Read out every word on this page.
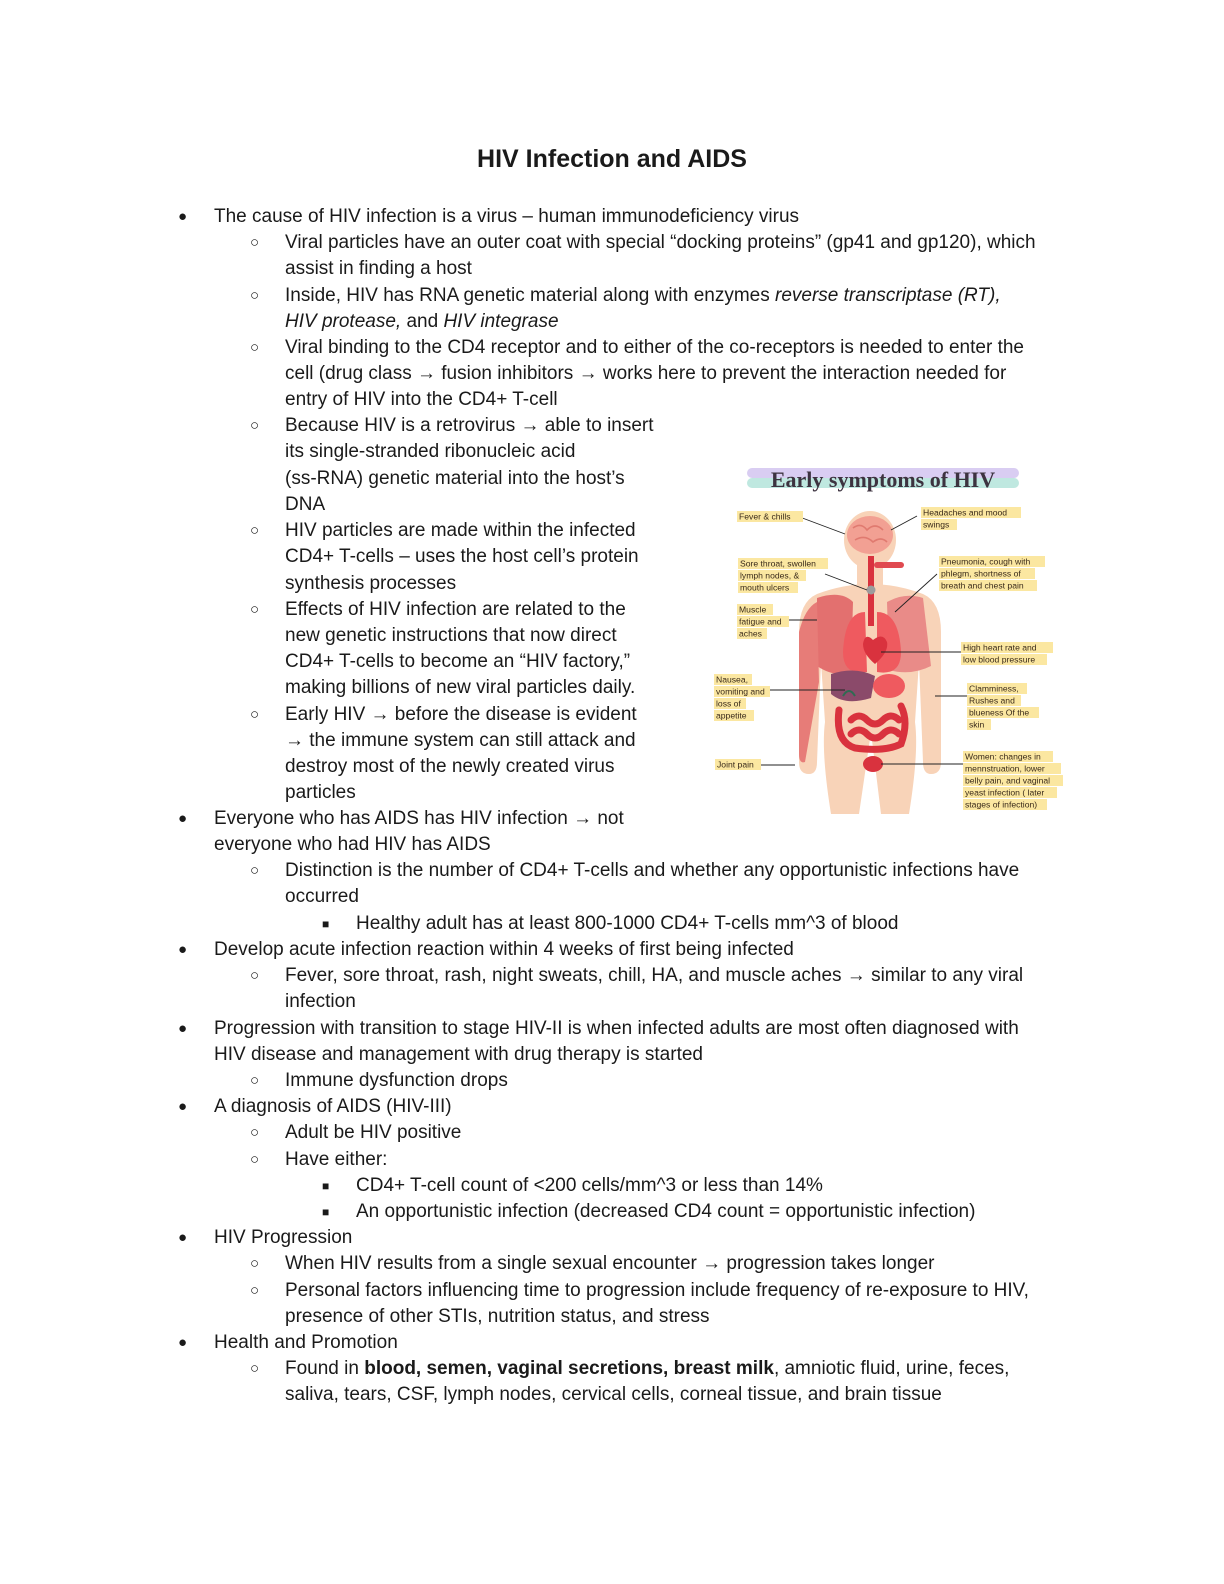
HIV Infection and AIDS
● The cause of HIV infection is a virus – human immunodeficiency virus
○ Viral particles have an outer coat with special “docking proteins” (gp41 and gp120), which
assist in finding a host
○ Inside, HIV has RNA genetic material along with enzymes reverse transcriptase (RT),
HIV protease, and HIV integrase
○ Viral binding to the CD4 receptor and to either of the co-receptors is needed to enter the
cell (drug class → fusion inhibitors → works here to prevent the interaction needed for
entry of HIV into the CD4+ T-cell
○ Because HIV is a retrovirus → able to insert
its single-stranded ribonucleic acid
(ss-RNA) genetic material into the host’s
DNA
○ HIV particles are made within the infected
CD4+ T-cells – uses the host cell’s protein
synthesis processes
○ Effects of HIV infection are related to the
new genetic instructions that now direct
CD4+ T-cells to become an “HIV factory,”
making billions of new viral particles daily.
○ Early HIV → before the disease is evident
→ the immune system can still attack and
destroy most of the newly created virus
particles
● Everyone who has AIDS has HIV infection → not
everyone who had HIV has AIDS
○ Distinction is the number of CD4+ T-cells and whether any opportunistic infections have
occurred
■ Healthy adult has at least 800-1000 CD4+ T-cells mm^3 of blood
● Develop acute infection reaction within 4 weeks of first being infected
○ Fever, sore throat, rash, night sweats, chill, HA, and muscle aches → similar to any viral
infection
● Progression with transition to stage HIV-II is when infected adults are most often diagnosed with
HIV disease and management with drug therapy is started
○ Immune dysfunction drops
● A diagnosis of AIDS (HIV-III)
○ Adult be HIV positive
○ Have either:
■ CD4+ T-cell count of <200 cells/mm^3 or less than 14%
■ An opportunistic infection (decreased CD4 count = opportunistic infection)
● HIV Progression
○ When HIV results from a single sexual encounter → progression takes longer
○ Personal factors influencing time to progression include frequency of re-exposure to HIV,
presence of other STIs, nutrition status, and stress
● Health and Promotion
○ Found in blood, semen, vaginal secretions, breast milk, amniotic fluid, urine, feces,
saliva, tears, CSF, lymph nodes, cervical cells, corneal tissue, and brain tissue
Early symptoms of HIV
Fever & chills	Headaches and mood
swings
Sore throat, swollen
lymph nodes, &
mouth ulcers
Pneumonia, cough with
phlegm, shortness of
breath and chest pain
Muscle
fatigue and
aches
High heart rate and
low blood pressure
Nausea,
vomiting and
loss of
appetite
Clamminess,
Rushes and
blueness Of the
skin
Joint pain
Women: changes in
mennstruation, lower
belly pain, and vaginal
yeast infection ( later
stages of infection)
